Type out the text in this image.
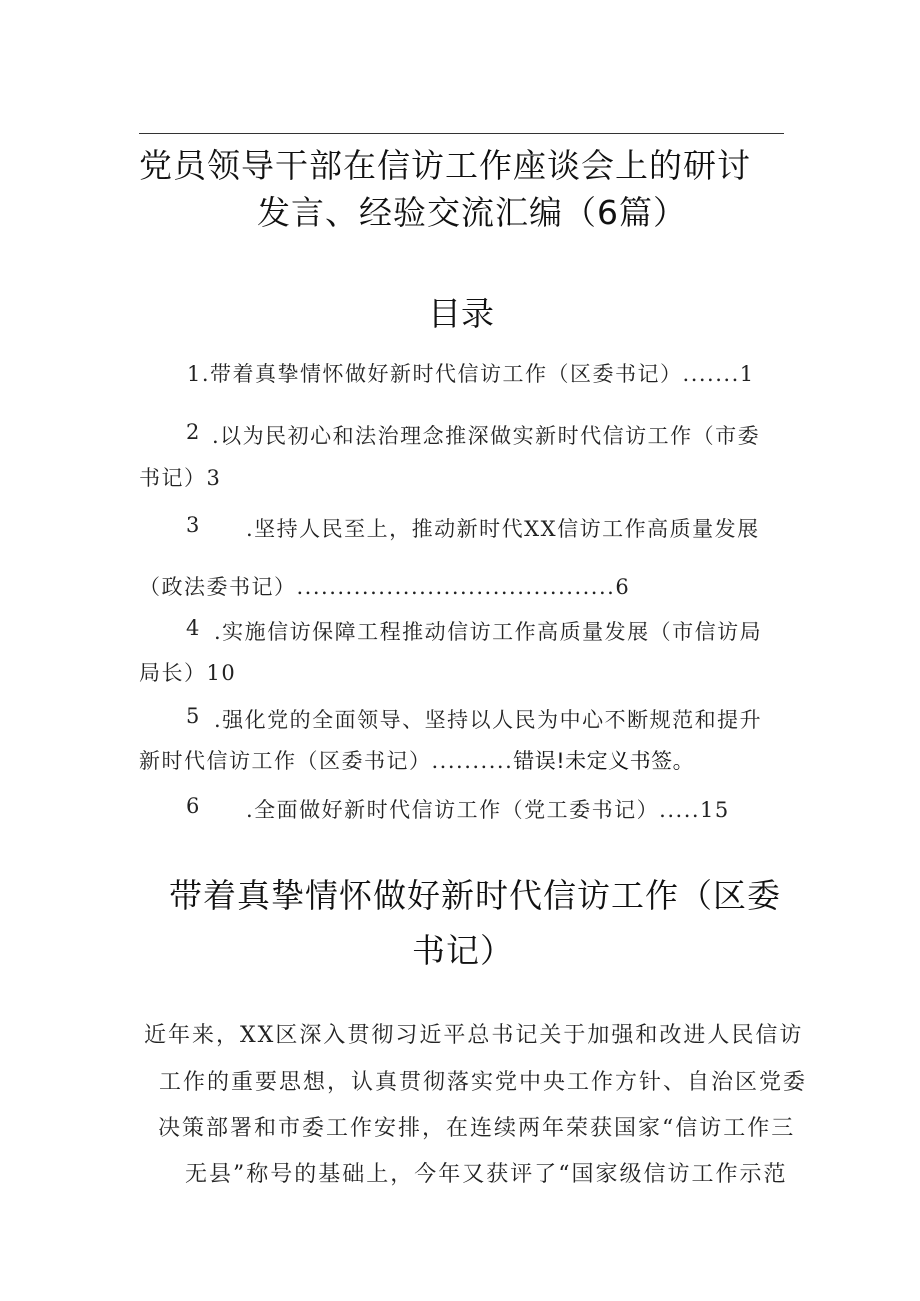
党员领导干部在信访工作座谈会上的研讨
发言、经验交流汇编（6篇）
目录
1.带着真挚情怀做好新时代信访工作（区委书记）.......1
2 .以为民初心和法治理念推深做实新时代信访工作（市委
书记）3
3 .坚持人民至上，推动新时代XX信访工作高质量发展
（政法委书记）.......................................6
4 .实施信访保障工程推动信访工作高质量发展（市信访局
局长）10
5 .强化党的全面领导、坚持以人民为中心不断规范和提升
新时代信访工作（区委书记）..........错误!未定义书签。
6 .全面做好新时代信访工作（党工委书记）.....15
带着真挚情怀做好新时代信访工作（区委
书记）
近年来，XX区深入贯彻习近平总书记关于加强和改进人民信访
工作的重要思想，认真贯彻落实党中央工作方针、自治区党委
决策部署和市委工作安排，在连续两年荣获国家“信访工作三
无县”称号的基础上，今年又获评了“国家级信访工作示范
